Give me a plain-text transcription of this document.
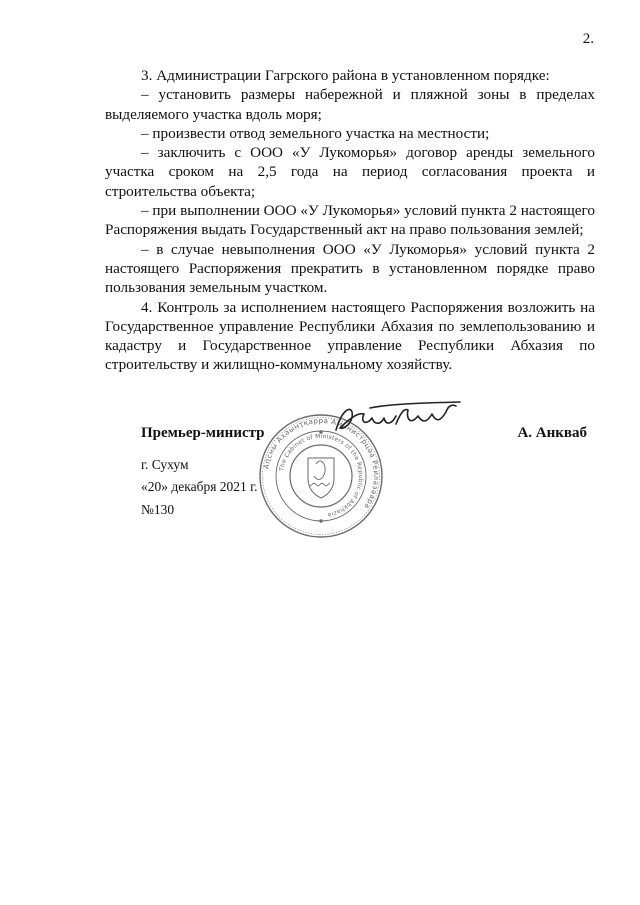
2.

3. Администрации Гагрского района в установленном порядке:

– установить размеры набережной и пляжной зоны в пределах выделяемого участка вдоль моря;

– произвести отвод земельного участка на местности;

– заключить с ООО «У Лукоморья» договор аренды земельного участка сроком на 2,5 года на период согласования проекта и строительства объекта;

– при выполнении ООО «У Лукоморья» условий пункта 2 настоящего Распоряжения выдать Государственный акт на право пользования землей;

– в случае невыполнения ООО «У Лукоморья» условий пункта 2 настоящего Распоряжения прекратить в установленном порядке право пользования земельным участком.

4. Контроль за исполнением настоящего Распоряжения возложить на Государственное управление Республики Абхазия по землепользованию и кадастру и Государственное управление Республики Абхазия по строительству и жилищно-коммунальному хозяйству.

Премьер-министр	А. Анкваб
г. Сухум
«20» декабря 2021 г.
№130
Аԥсны Аҳәынҭқарра Аминистрцәа Реилазаара
The Cabinet of Ministers of the Republic of Abkhazia
